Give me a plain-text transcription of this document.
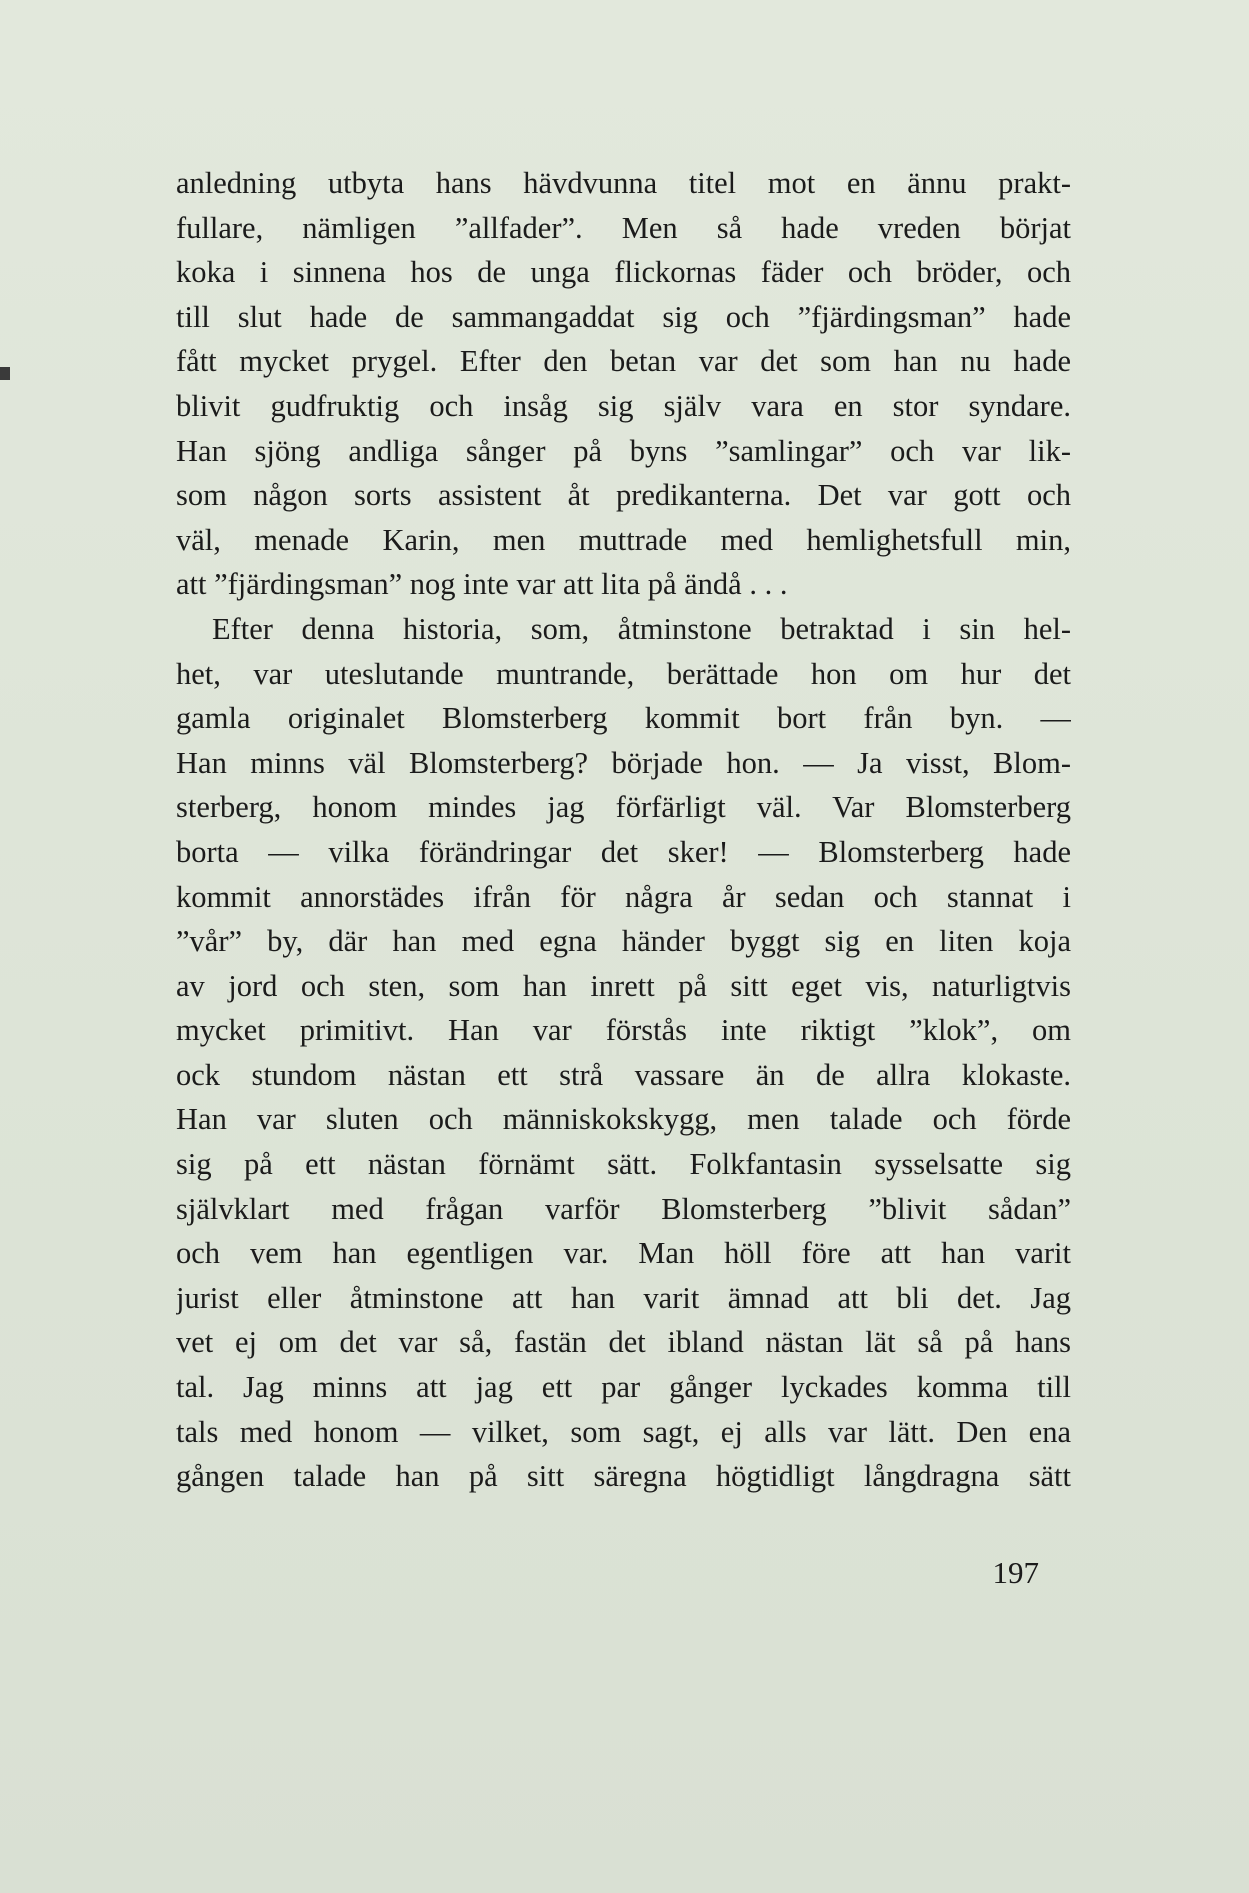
anledning utbyta hans hävdvunna titel mot en ännu prakt-
fullare, nämligen ”allfader”. Men så hade vreden börjat
koka i sinnena hos de unga flickornas fäder och bröder, och
till slut hade de sammangaddat sig och ”fjärdingsman” hade
fått mycket prygel. Efter den betan var det som han nu hade
blivit gudfruktig och insåg sig själv vara en stor syndare.
Han sjöng andliga sånger på byns ”samlingar” och var lik-
som någon sorts assistent åt predikanterna. Det var gott och
väl, menade Karin, men muttrade med hemlighetsfull min,
att ”fjärdingsman” nog inte var att lita på ändå . . .
Efter denna historia, som, åtminstone betraktad i sin hel-
het, var uteslutande muntrande, berättade hon om hur det
gamla originalet Blomsterberg kommit bort från byn. —
Han minns väl Blomsterberg? började hon. — Ja visst, Blom-
sterberg, honom mindes jag förfärligt väl. Var Blomsterberg
borta — vilka förändringar det sker! — Blomsterberg hade
kommit annorstädes ifrån för några år sedan och stannat i
”vår” by, där han med egna händer byggt sig en liten koja
av jord och sten, som han inrett på sitt eget vis, naturligtvis
mycket primitivt. Han var förstås inte riktigt ”klok”, om
ock stundom nästan ett strå vassare än de allra klokaste.
Han var sluten och människokskygg, men talade och förde
sig på ett nästan förnämt sätt. Folkfantasin sysselsatte sig
självklart med frågan varför Blomsterberg ”blivit sådan”
och vem han egentligen var. Man höll före att han varit
jurist eller åtminstone att han varit ämnad att bli det. Jag
vet ej om det var så, fastän det ibland nästan lät så på hans
tal. Jag minns att jag ett par gånger lyckades komma till
tals med honom — vilket, som sagt, ej alls var lätt. Den ena
gången talade han på sitt säregna högtidligt långdragna sätt
197
